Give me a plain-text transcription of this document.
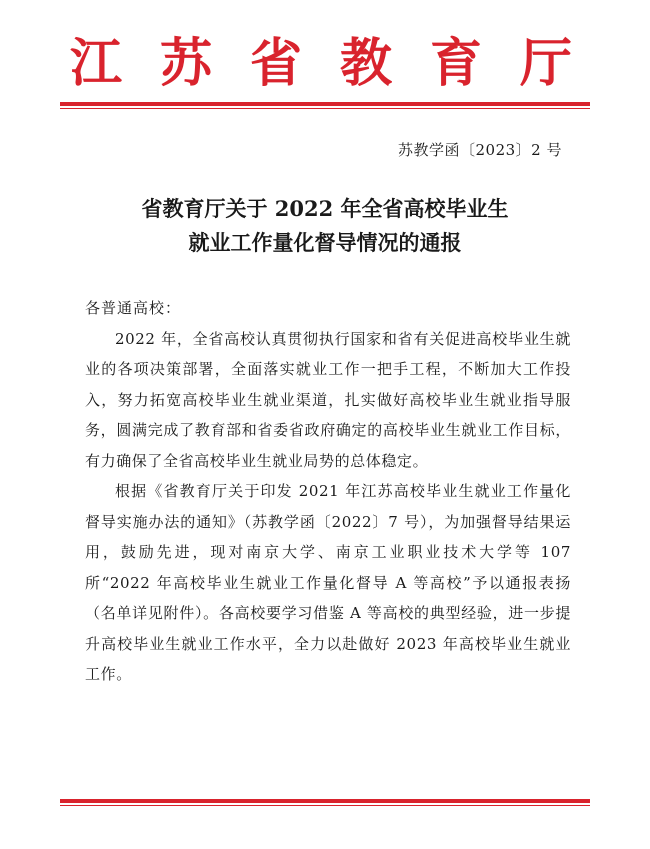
江苏省教育厅
苏教学函〔2023〕2 号
省教育厅关于 2022 年全省高校毕业生
就业工作量化督导情况的通报

各普通高校：

2022 年，全省高校认真贯彻执行国家和省有关促进高校毕业生就业的各项决策部署，全面落实就业工作一把手工程，不断加大工作投入，努力拓宽高校毕业生就业渠道，扎实做好高校毕业生就业指导服务，圆满完成了教育部和省委省政府确定的高校毕业生就业工作目标，有力确保了全省高校毕业生就业局势的总体稳定。

根据《省教育厅关于印发 2021 年江苏高校毕业生就业工作量化督导实施办法的通知》（苏教学函〔2022〕7 号），为加强督导结果运用，鼓励先进，现对南京大学、南京工业职业技术大学等 107 所“2022 年高校毕业生就业工作量化督导 A 等高校”予以通报表扬（名单详见附件）。各高校要学习借鉴 A 等高校的典型经验，进一步提升高校毕业生就业工作水平，全力以赴做好 2023 年高校毕业生就业工作。
